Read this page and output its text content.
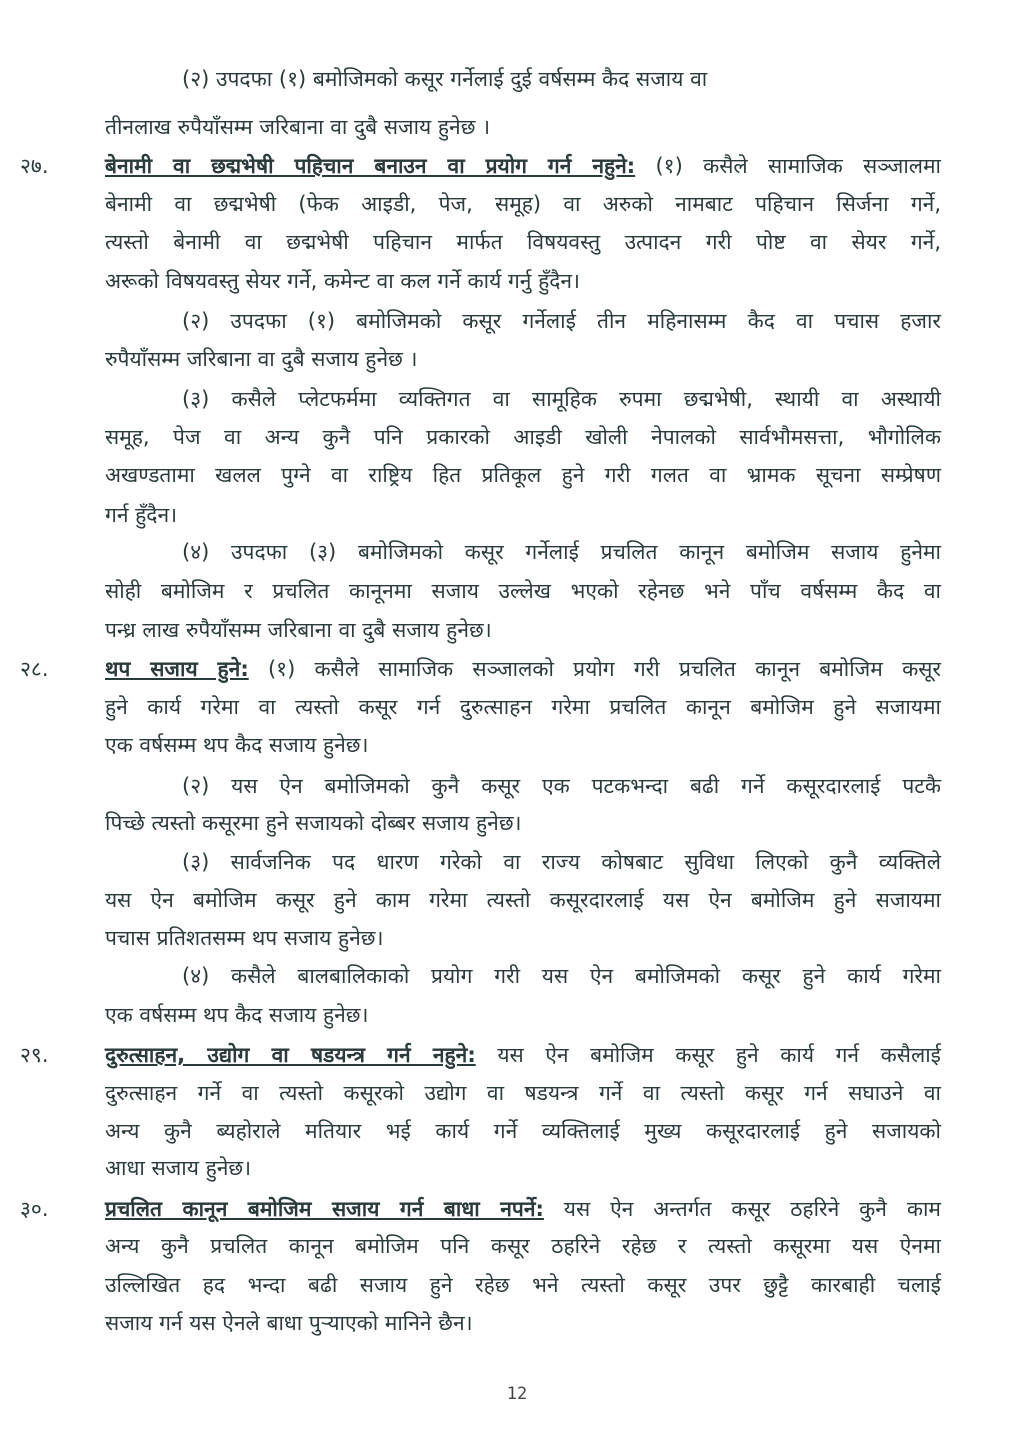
(२) उपदफा (१) बमोजिमको कसूर गर्नेलाई दुई वर्षसम्म कैद सजाय वा
तीनलाख रुपैयाँसम्म जरिबाना वा दुबै सजाय हुनेछ ।
२७.	बेनामी वा छद्मभेषी पहिचान बनाउन वा प्रयोग गर्न नहुने: (१) कसैले सामाजिक सञ्जालमा
बेनामी वा छद्मभेषी (फेक आइडी, पेज, समूह) वा अरुको नामबाट पहिचान सिर्जना गर्ने,
त्यस्तो बेनामी वा छद्मभेषी पहिचान मार्फत विषयवस्तु उत्पादन गरी पोष्ट वा सेयर गर्ने,
अरूको विषयवस्तु सेयर गर्ने, कमेन्ट वा कल गर्ने कार्य गर्नु हुँदैन।
(२) उपदफा (१) बमोजिमको कसूर गर्नेलाई तीन महिनासम्म कैद वा पचास हजार
रुपैयाँसम्म जरिबाना वा दुबै सजाय हुनेछ ।
(३) कसैले प्लेटफर्ममा व्यक्तिगत वा सामूहिक रुपमा छद्मभेषी, स्थायी वा अस्थायी
समूह, पेज वा अन्य कुनै पनि प्रकारको आइडी खोली नेपालको सार्वभौमसत्ता, भौगोलिक
अखण्डतामा खलल पुग्ने वा राष्ट्रिय हित प्रतिकूल हुने गरी गलत वा भ्रामक सूचना सम्प्रेषण
गर्न हुँदैन।
(४) उपदफा (३) बमोजिमको कसूर गर्नेलाई प्रचलित कानून बमोजिम सजाय हुनेमा
सोही बमोजिम र प्रचलित कानूनमा सजाय उल्लेख भएको रहेनछ भने पाँच वर्षसम्म कैद वा
पन्ध्र लाख रुपैयाँसम्म जरिबाना वा दुबै सजाय हुनेछ।
२८.	थप सजाय हुने: (१) कसैले सामाजिक सञ्जालको प्रयोग गरी प्रचलित कानून बमोजिम कसूर
हुने कार्य गरेमा वा त्यस्तो कसूर गर्न दुरुत्साहन गरेमा प्रचलित कानून बमोजिम हुने सजायमा
एक वर्षसम्म थप कैद सजाय हुनेछ।
(२) यस ऐन बमोजिमको कुनै कसूर एक पटकभन्दा बढी गर्ने कसूरदारलाई पटकै
पिच्छे त्यस्तो कसूरमा हुने सजायको दोब्बर सजाय हुनेछ।
(३) सार्वजनिक पद धारण गरेको वा राज्य कोषबाट सुविधा लिएको कुनै व्यक्तिले
यस ऐन बमोजिम कसूर हुने काम गरेमा त्यस्तो कसूरदारलाई यस ऐन बमोजिम हुने सजायमा
पचास प्रतिशतसम्म थप सजाय हुनेछ।
(४) कसैले बालबालिकाको प्रयोग गरी यस ऐन बमोजिमको कसूर हुने कार्य गरेमा
एक वर्षसम्म थप कैद सजाय हुनेछ।
२९.	दुरुत्साहन, उद्योग वा षडयन्त्र गर्न नहुने: यस ऐन बमोजिम कसूर हुने कार्य गर्न कसैलाई
दुरुत्साहन गर्ने वा त्यस्तो कसूरको उद्योग वा षडयन्त्र गर्ने वा त्यस्तो कसूर गर्न सघाउने वा
अन्य कुनै ब्यहोराले मतियार भई कार्य गर्ने व्यक्तिलाई मुख्य कसूरदारलाई हुने सजायको
आधा सजाय हुनेछ।
३०.	प्रचलित कानून बमोजिम सजाय गर्न बाधा नपर्ने: यस ऐन अन्तर्गत कसूर ठहरिने कुनै काम
अन्य कुनै प्रचलित कानून बमोजिम पनि कसूर ठहरिने रहेछ र त्यस्तो कसूरमा यस ऐनमा
उल्लिखित हद भन्दा बढी सजाय हुने रहेछ भने त्यस्तो कसूर उपर छुट्टै कारबाही चलाई
सजाय गर्न यस ऐनले बाधा पुऱ्याएको मानिने छैन।
12
